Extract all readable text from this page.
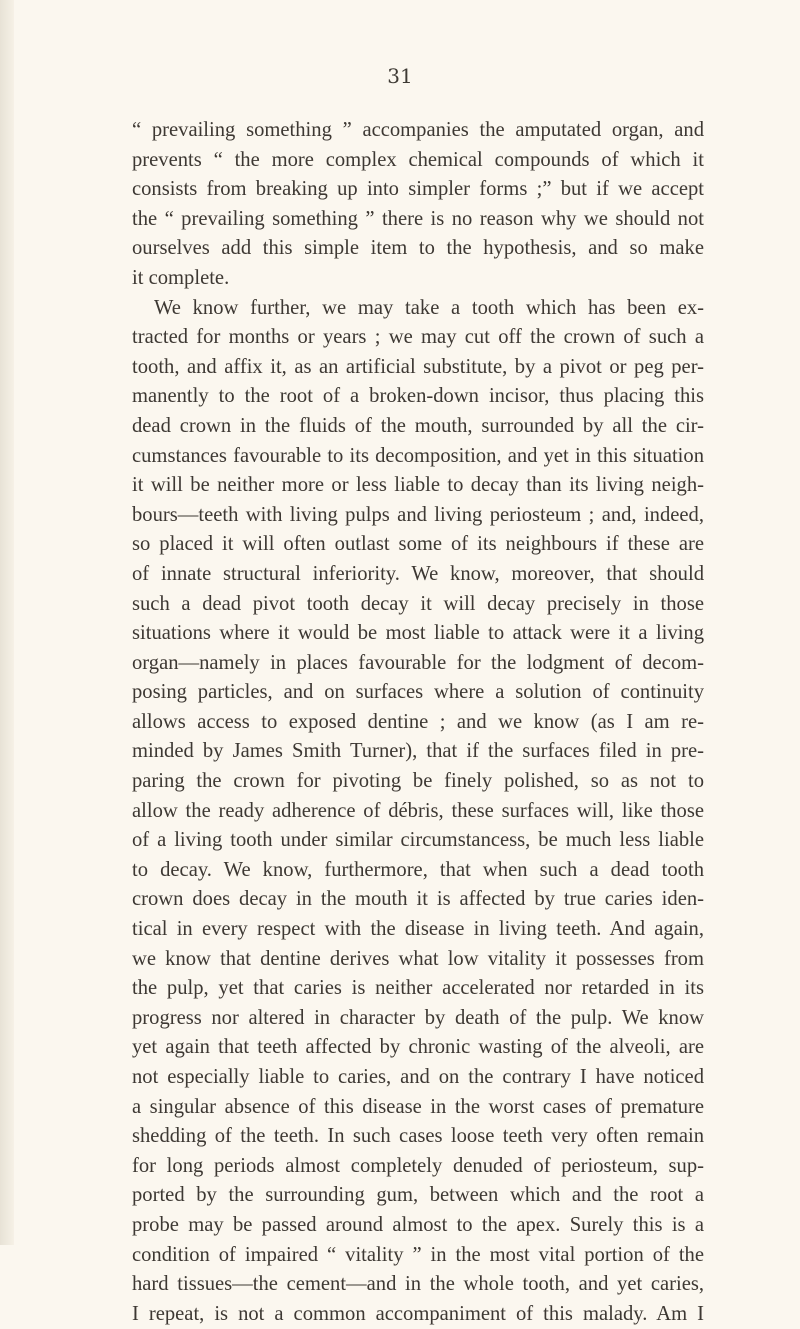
31
“ prevailing something ” accompanies the amputated organ, and
prevents “ the more complex chemical compounds of which it
consists from breaking up into simpler forms ;” but if we accept
the “ prevailing something ” there is no reason why we should not
ourselves add this simple item to the hypothesis, and so make
it complete.
We know further, we may take a tooth which has been ex-
tracted for months or years ; we may cut off the crown of such a
tooth, and affix it, as an artificial substitute, by a pivot or peg per-
manently to the root of a broken-down incisor, thus placing this
dead crown in the fluids of the mouth, surrounded by all the cir-
cumstances favourable to its decomposition, and yet in this situation
it will be neither more or less liable to decay than its living neigh-
bours—teeth with living pulps and living periosteum ; and, indeed,
so placed it will often outlast some of its neighbours if these are
of innate structural inferiority. We know, moreover, that should
such a dead pivot tooth decay it will decay precisely in those
situations where it would be most liable to attack were it a living
organ—namely in places favourable for the lodgment of decom-
posing particles, and on surfaces where a solution of continuity
allows access to exposed dentine ; and we know (as I am re-
minded by James Smith Turner), that if the surfaces filed in pre-
paring the crown for pivoting be finely polished, so as not to
allow the ready adherence of débris, these surfaces will, like those
of a living tooth under similar circumstancess, be much less liable
to decay. We know, furthermore, that when such a dead tooth
crown does decay in the mouth it is affected by true caries iden-
tical in every respect with the disease in living teeth. And again,
we know that dentine derives what low vitality it possesses from
the pulp, yet that caries is neither accelerated nor retarded in its
progress nor altered in character by death of the pulp. We know
yet again that teeth affected by chronic wasting of the alveoli, are
not especially liable to caries, and on the contrary I have noticed
a singular absence of this disease in the worst cases of premature
shedding of the teeth. In such cases loose teeth very often remain
for long periods almost completely denuded of periosteum, sup-
ported by the surrounding gum, between which and the root a
probe may be passed around almost to the apex. Surely this is a
condition of impaired “ vitality ” in the most vital portion of the
hard tissues—the cement—and in the whole tooth, and yet caries,
I repeat, is not a common accompaniment of this malady. Am I
